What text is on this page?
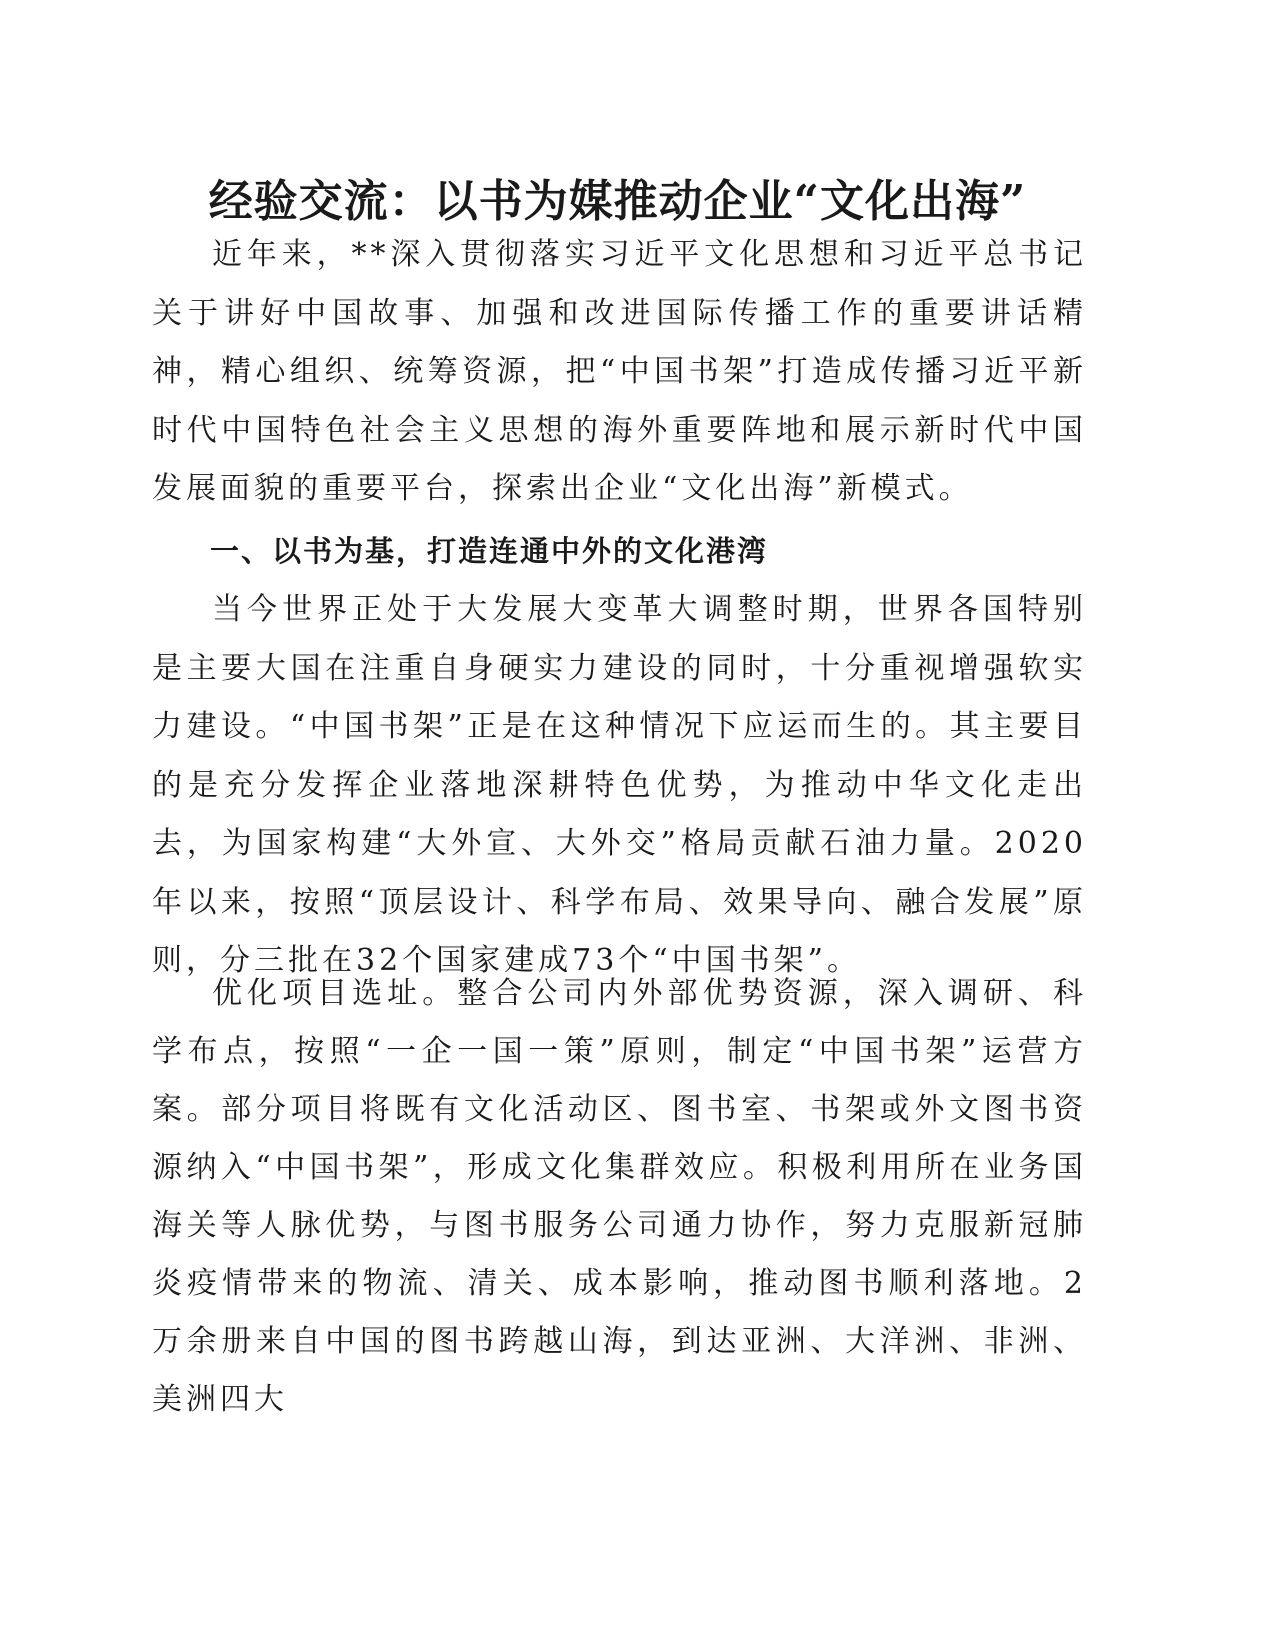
经验交流：以书为媒推动企业“文化出海”

近年来，**深入贯彻落实习近平文化思想和习近平总书记关于讲好中国故事、加强和改进国际传播工作的重要讲话精神，精心组织、统筹资源，把“中国书架”打造成传播习近平新时代中国特色社会主义思想的海外重要阵地和展示新时代中国发展面貌的重要平台，探索出企业“文化出海”新模式。

一、以书为基，打造连通中外的文化港湾

当今世界正处于大发展大变革大调整时期，世界各国特别是主要大国在注重自身硬实力建设的同时，十分重视增强软实力建设。“中国书架”正是在这种情况下应运而生的。其主要目的是充分发挥企业落地深耕特色优势，为推动中华文化走出去，为国家构建“大外宣、大外交”格局贡献石油力量。2020年以来，按照“顶层设计、科学布局、效果导向、融合发展”原则，分三批在32个国家建成73个“中国书架”。

优化项目选址。整合公司内外部优势资源，深入调研、科学布点，按照“一企一国一策”原则，制定“中国书架”运营方案。部分项目将既有文化活动区、图书室、书架或外文图书资源纳入“中国书架”，形成文化集群效应。积极利用所在业务国海关等人脉优势，与图书服务公司通力协作，努力克服新冠肺炎疫情带来的物流、清关、成本影响，推动图书顺利落地。2万余册来自中国的图书跨越山海，到达亚洲、大洋洲、非洲、美洲四大
